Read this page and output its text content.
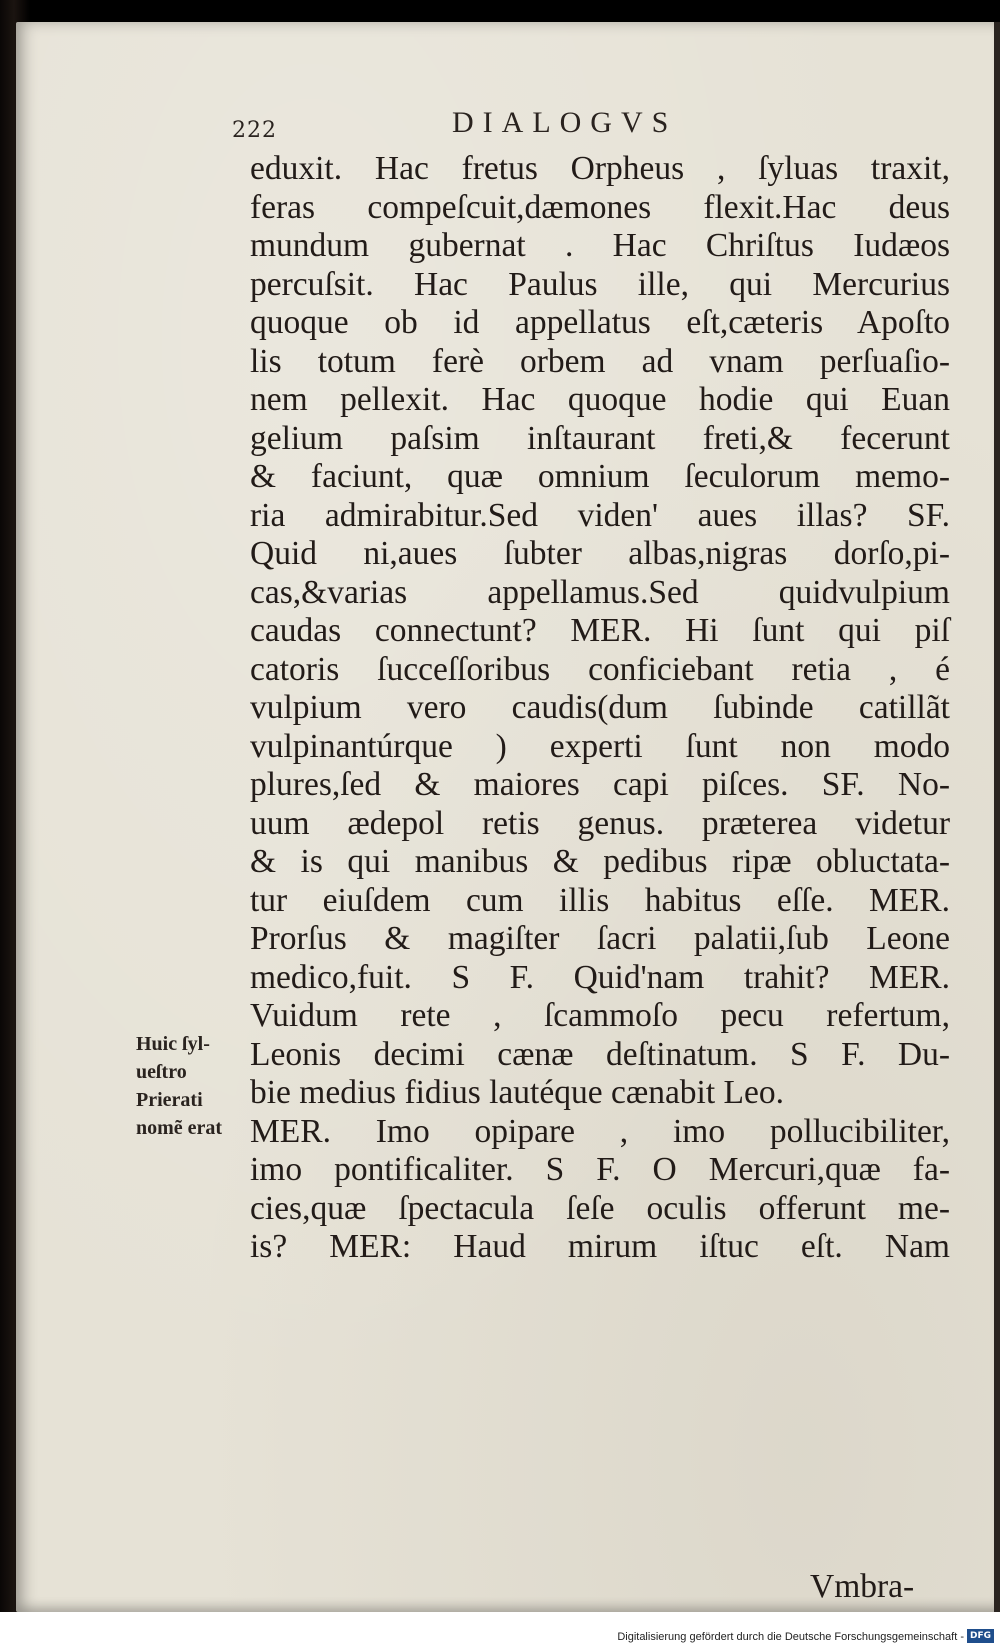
222	DIALOGVS
eduxit. Hac fretus Orpheus , ſyluas traxit,
feras compeſcuit,dæmones flexit.Hac deus
mundum gubernat . Hac Chriſtus Iudæos
percuſsit. Hac Paulus ille, qui Mercurius
quoque ob id appellatus eſt,cæteris Apoſto
lis totum ferè orbem ad vnam perſuaſio-
nem pellexit. Hac quoque hodie qui Euan
gelium paſsim inſtaurant freti,& fecerunt
& faciunt, quæ omnium ſeculorum memo-
ria admirabitur.Sed viden' aues illas? SF.
Quid ni,aues ſubter albas,nigras dorſo,pi-
cas,&varias appellamus.Sed quidvulpium
caudas connectunt? MER. Hi ſunt qui piſ
catoris ſucceſſoribus conficiebant retia , é
vulpium vero caudis(dum ſubinde catillãt
vulpinantúrque ) experti ſunt non modo
plures,ſed & maiores capi piſces. SF. No-
uum ædepol retis genus. præterea videtur
& is qui manibus & pedibus ripæ obluctata-
tur eiuſdem cum illis habitus eſſe. MER.
Prorſus & magiſter ſacri palatii,ſub Leone
medico,fuit. S F. Quid'nam trahit? MER.
Vuidum rete , ſcammoſo pecu refertum,
Leonis decimi cænæ deſtinatum. S F. Du-
bie medius fidius lautéque cænabit Leo.
MER. Imo opipare , imo pollucibiliter,
imo pontificaliter. S F. O Mercuri,quæ fa-
cies,quæ ſpectacula ſeſe oculis offerunt me-
is? MER: Haud mirum iſtuc eſt. Nam
Huic ſyl-
ueſtro
Prierati
nomẽ erat
Vmbra-
Digitalisierung gefördert durch die Deutsche Forschungsgemeinschaft - DFG
